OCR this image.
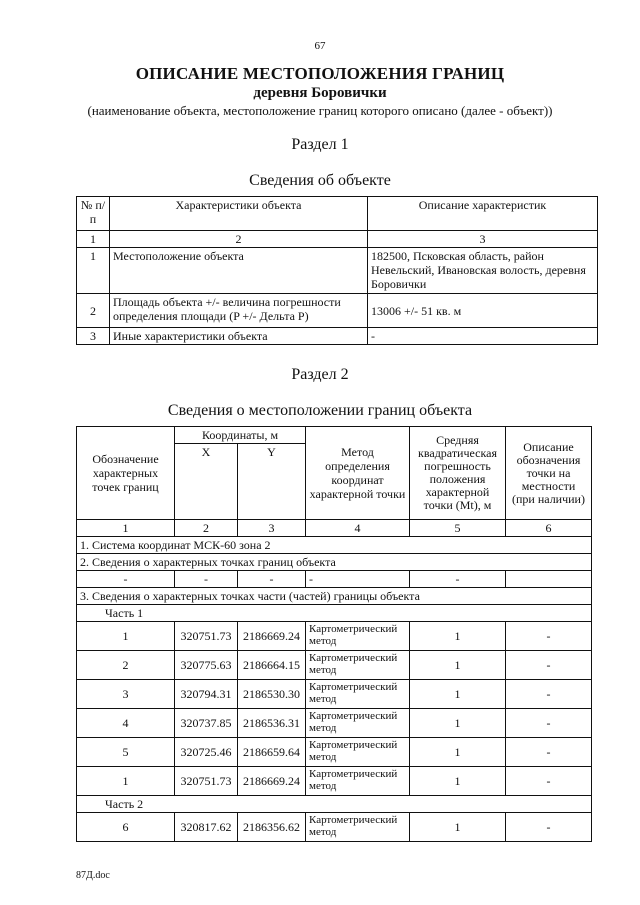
67
ОПИСАНИЕ МЕСТОПОЛОЖЕНИЯ ГРАНИЦ
деревня Боровички
(наименование объекта, местоположение границ которого описано (далее - объект))
Раздел 1
Сведения об объекте
№ п/п	Характеристики объекта	Описание характеристик
1	2	3
1	Местоположение объекта	182500, Псковская область, район Невельский, Ивановская волость, деревня Боровички
2	Площадь объекта +/- величина погрешности определения площади (P +/- Дельта P)	13006 +/- 51 кв. м
3	Иные характеристики объекта	-
Раздел 2
Сведения о местоположении границ объекта
Обозначение характерных точек границ	Координаты, м		Метод определения координат характерной точки	Средняя квадратическая погрешность положения характерной точки (Mt), м	Описание обозначения точки на местности (при наличии)
	X	Y			
1	2	3	4	5	6
1. Система координат МСК-60 зона 2					
2. Сведения о характерных точках границ объекта					
-	-	-	-	-	
3. Сведения о характерных точках части (частей) границы объекта					
Часть 1					
1	320751.73	2186669.24	Картометрический метод	1	-
2	320775.63	2186664.15	Картометрический метод	1	-
3	320794.31	2186530.30	Картометрический метод	1	-
4	320737.85	2186536.31	Картометрический метод	1	-
5	320725.46	2186659.64	Картометрический метод	1	-
1	320751.73	2186669.24	Картометрический метод	1	-
Часть 2					
6	320817.62	2186356.62	Картометрический метод	1	-
87Д.doc
